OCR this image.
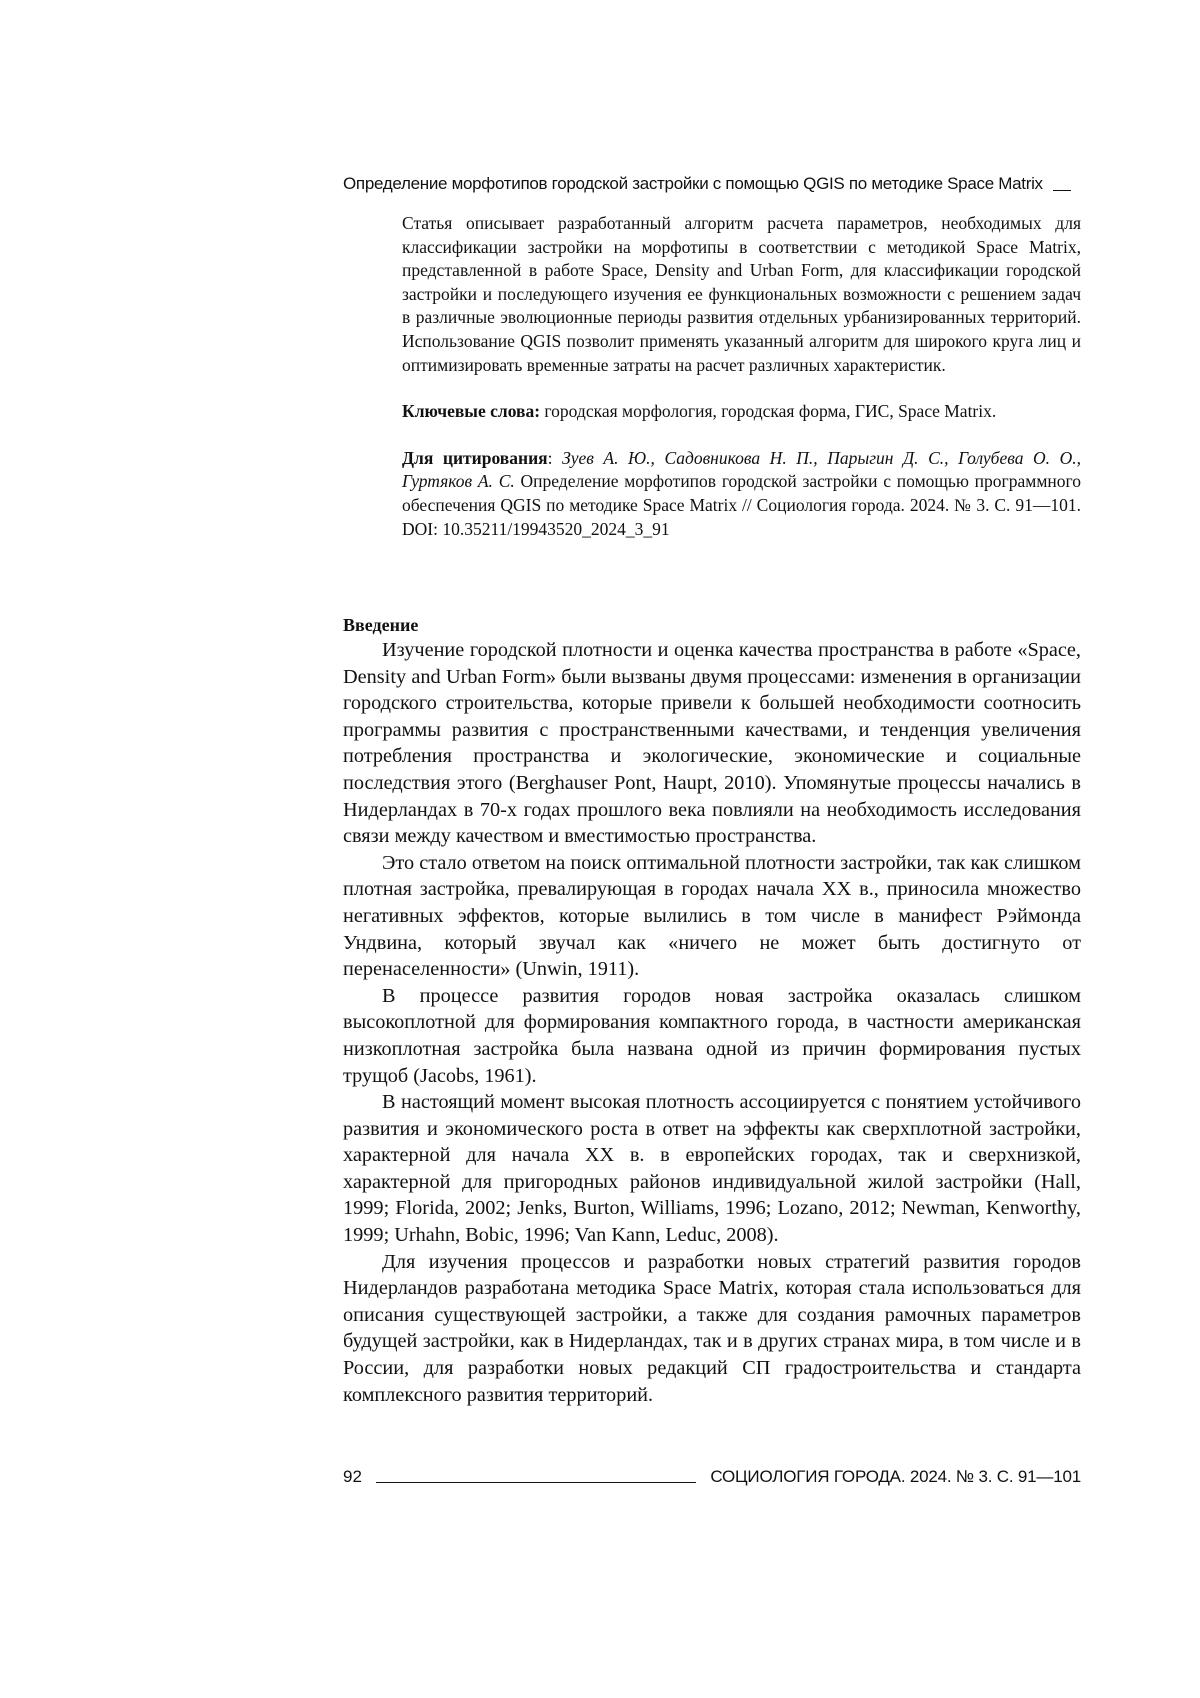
Определение морфотипов городской застройки с помощью QGIS по методике Space Matrix

Статья описывает разработанный алгоритм расчета параметров, необходимых для классификации застройки на морфотипы в соответствии с методикой Space Matrix, представленной в работе Space, Density and Urban Form, для классификации городской застройки и последующего изучения ее функциональных возможности с решением задач в различные эволюционные периоды развития отдельных урбанизированных территорий. Использование QGIS позволит применять указанный алгоритм для широкого круга лиц и оптимизировать временные затраты на расчет различных характеристик.

Ключевые слова: городская морфология, городская форма, ГИС, Space Matrix.

Для цитирования: Зуев А. Ю., Садовникова Н. П., Парыгин Д. С., Голубева О. О., Гуртяков А. С. Определение морфотипов городской застройки с помощью программного обеспечения QGIS по методике Space Matrix // Социология города. 2024. № 3. С. 91—101. DOI: 10.35211/19943520_2024_3_91

Введение

Изучение городской плотности и оценка качества пространства в работе «Space, Density and Urban Form» были вызваны двумя процессами: изменения в организации городского строительства, которые привели к большей необходимости соотносить программы развития с пространственными качествами, и тенденция увеличения потребления пространства и экологические, экономические и социальные последствия этого (Berghauser Pont, Haupt, 2010). Упомянутые процессы начались в Нидерландах в 70-х годах прошлого века повлияли на необходимость исследования связи между качеством и вместимостью пространства.

Это стало ответом на поиск оптимальной плотности застройки, так как слишком плотная застройка, превалирующая в городах начала XX в., приносила множество негативных эффектов, которые вылились в том числе в манифест Рэймонда Ундвина, который звучал как «ничего не может быть достигнуто от перенаселенности» (Unwin, 1911).

В процессе развития городов новая застройка оказалась слишком высокоплотной для формирования компактного города, в частности американская низкоплотная застройка была названа одной из причин формирования пустых трущоб (Jacobs, 1961).

В настоящий момент высокая плотность ассоциируется с понятием устойчивого развития и экономического роста в ответ на эффекты как сверхплотной застройки, характерной для начала XX в. в европейских городах, так и сверхнизкой, характерной для пригородных районов индивидуальной жилой застройки (Hall, 1999; Florida, 2002; Jenks, Burton, Williams, 1996; Lozano, 2012; Newman, Kenworthy, 1999; Urhahn, Bobic, 1996; Van Kann, Leduc, 2008).

Для изучения процессов и разработки новых стратегий развития городов Нидерландов разработана методика Space Matrix, которая стала использоваться для описания существующей застройки, а также для создания рамочных параметров будущей застройки, как в Нидерландах, так и в других странах мира, в том числе и в России, для разработки новых редакций СП градостроительства и стандарта комплексного развития территорий.

92	СОЦИОЛОГИЯ ГОРОДА. 2024. № 3. С. 91—101
